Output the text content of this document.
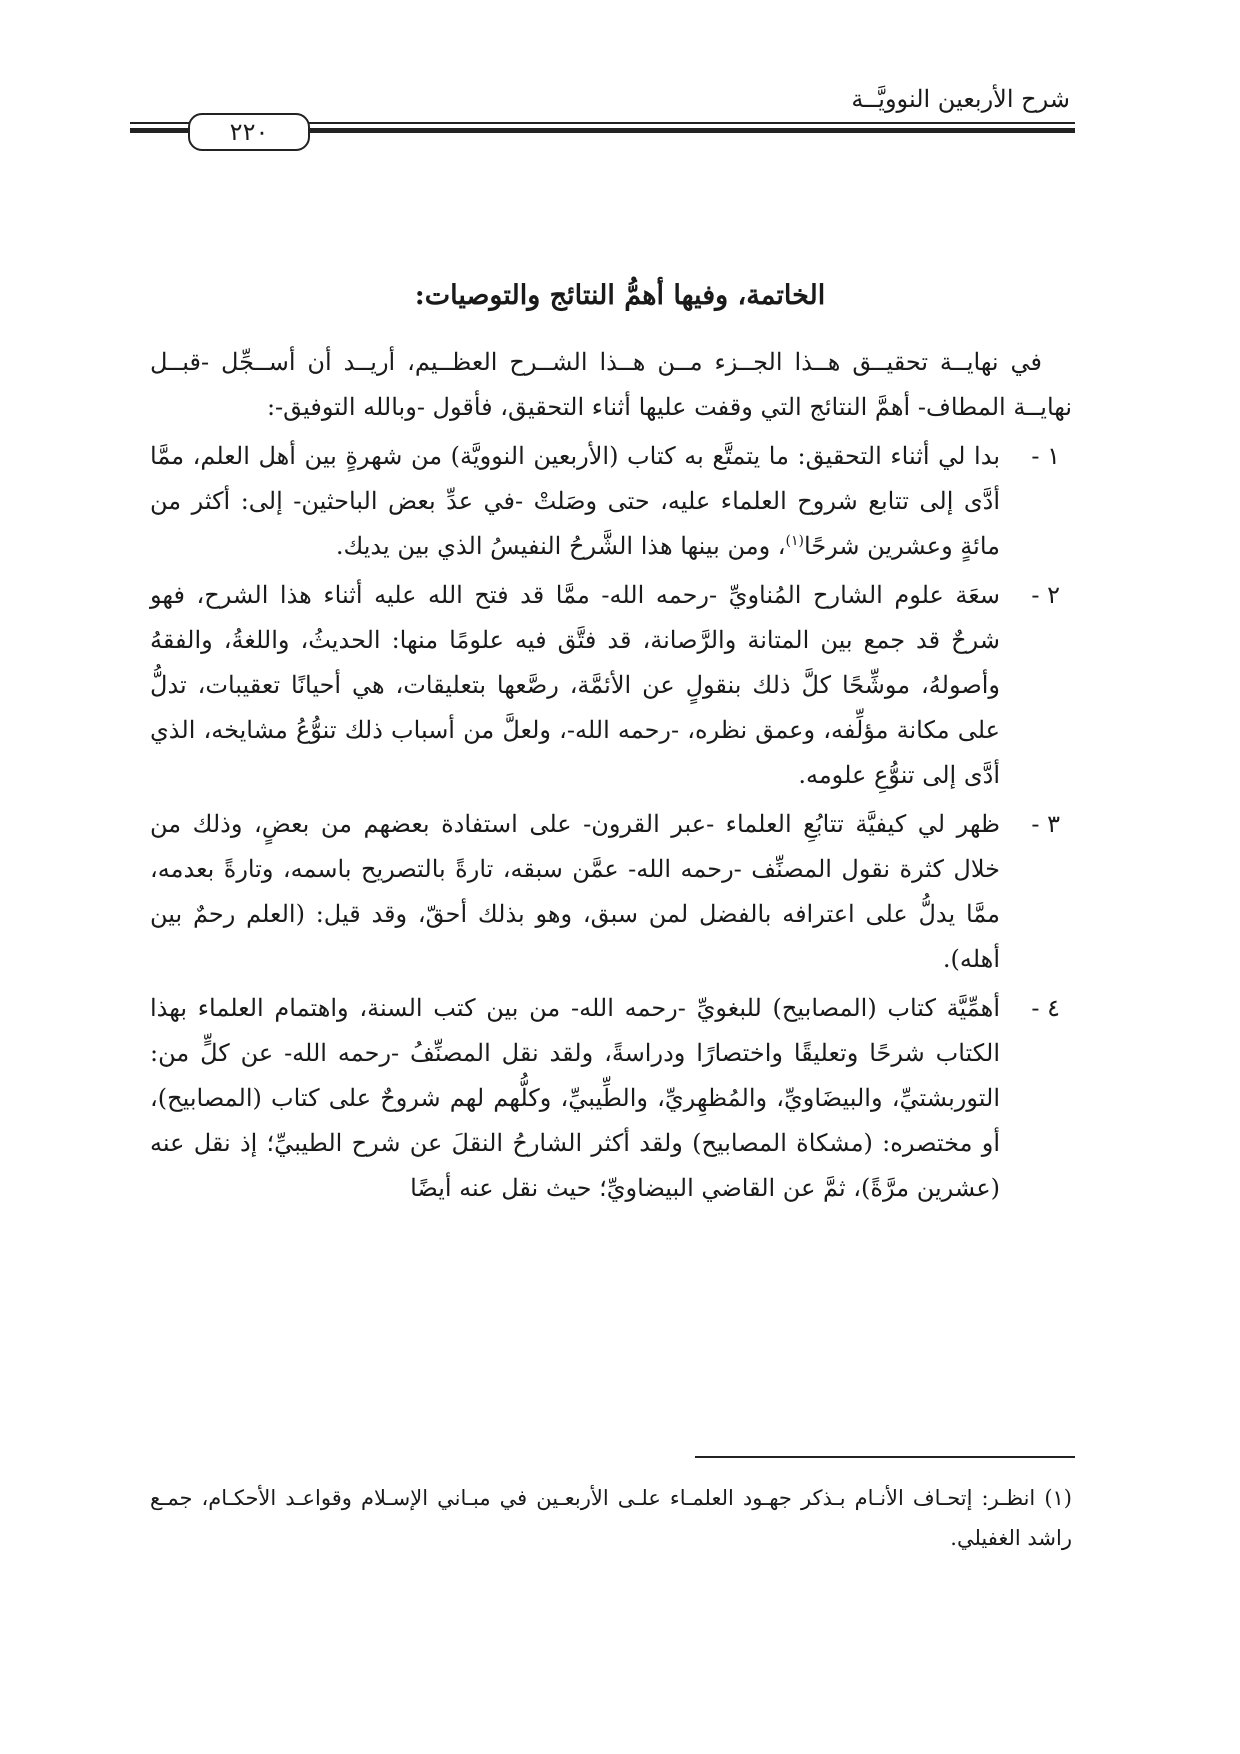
شرح الأربعين النوويَّــة
٢٢٠
الخاتمة، وفيها أهمُّ النتائج والتوصيات:

في نهايــة تحقيــق هــذا الجــزء مــن هــذا الشــرح العظــيم، أريــد أن أســجِّل -قبــل نهايــة المطاف- أهمَّ النتائج التي وقفت عليها أثناء التحقيق، فأقول -وبالله التوفيق-:

١ -
بدا لي أثناء التحقيق: ما يتمتَّع به كتاب (الأربعين النوويَّة) من شهرةٍ بين أهل العلم، ممَّا أدَّى إلى تتابع شروح العلماء عليه، حتى وصَلتْ -في عدِّ بعض الباحثين- إلى: أكثر من مائةٍ وعشرين شرحًا$^{(١)}$، ومن بينها هذا الشَّرحُ النفيسُ الذي بين يديك.
٢ -
سعَة علوم الشارح المُناويِّ -رحمه الله- ممَّا قد فتح الله عليه أثناء هذا الشرح، فهو شرحٌ قد جمع بين المتانة والرَّصانة، قد فتَّق فيه علومًا منها: الحديثُ، واللغةُ، والفقهُ وأصولهُ، موشِّحًا كلَّ ذلك بنقولٍ عن الأئمَّة، رصَّعها بتعليقات، هي أحيانًا تعقيبات، تدلُّ على مكانة مؤلِّفه، وعمق نظره، -رحمه الله-، ولعلَّ من أسباب ذلك تنوُّعُ مشايخه، الذي أدَّى إلى تنوُّعِ علومه.
٣ -
ظهر لي كيفيَّة تتابُعِ العلماء -عبر القرون- على استفادة بعضهم من بعضٍ، وذلك من خلال كثرة نقول المصنِّف -رحمه الله- عمَّن سبقه، تارةً بالتصريح باسمه، وتارةً بعدمه، ممَّا يدلُّ على اعترافه بالفضل لمن سبق، وهو بذلك أحقّ، وقد قيل: (العلم رحمٌ بين أهله).
٤ -
أهمِّيَّة كتاب (المصابيح) للبغويِّ -رحمه الله- من بين كتب السنة، واهتمام العلماء بهذا الكتاب شرحًا وتعليقًا واختصارًا ودراسةً، ولقد نقل المصنِّفُ -رحمه الله- عن كلٍّ من: التوربشتيِّ، والبيضَاويِّ، والمُظهِريِّ، والطِّيبيِّ، وكلُّهم لهم شروحٌ على كتاب (المصابيح)، أو مختصره: (مشكاة المصابيح) ولقد أكثر الشارحُ النقلَ عن شرح الطيبيِّ؛ إذ نقل عنه (عشرين مرَّةً)، ثمَّ عن القاضي البيضاويِّ؛ حيث نقل عنه أيضًا
(١) انظـر: إتحـاف الأنـام بـذكر جهـود العلمـاء علـى الأربعـين في مبـاني الإسـلام وقواعـد الأحكـام، جمـع راشد الغفيلي.
